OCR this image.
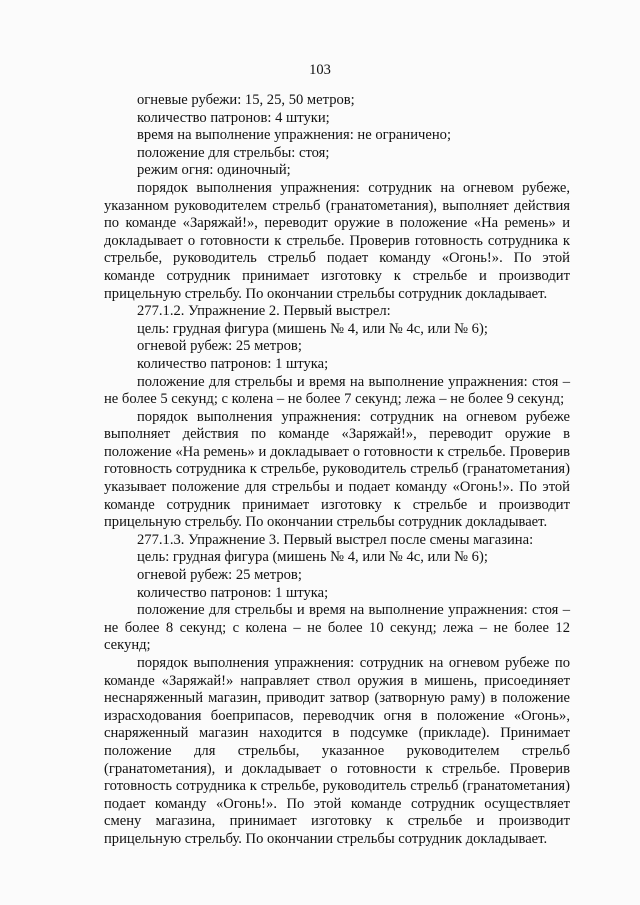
103

огневые рубежи: 15, 25, 50 метров;

количество патронов: 4 штуки;

время на выполнение упражнения: не ограничено;

положение для стрельбы: стоя;

режим огня: одиночный;

порядок выполнения упражнения: сотрудник на огневом рубеже, указанном руководителем стрельб (гранатометания), выполняет действия по команде «Заряжай!», переводит оружие в положение «На ремень» и докладывает о готовности к стрельбе. Проверив готовность сотрудника к стрельбе, руководитель стрельб подает команду «Огонь!». По этой команде сотрудник принимает изготовку к стрельбе и производит прицельную стрельбу. По окончании стрельбы сотрудник докладывает.

277.1.2. Упражнение 2. Первый выстрел:

цель: грудная фигура (мишень № 4, или № 4с, или № 6);

огневой рубеж: 25 метров;

количество патронов: 1 штука;

положение для стрельбы и время на выполнение упражнения: стоя – не более 5 секунд; с колена – не более 7 секунд; лежа – не более 9 секунд;

порядок выполнения упражнения: сотрудник на огневом рубеже выполняет действия по команде «Заряжай!», переводит оружие в положение «На ремень» и докладывает о готовности к стрельбе. Проверив готовность сотрудника к стрельбе, руководитель стрельб (гранатометания) указывает положение для стрельбы и подает команду «Огонь!». По этой команде сотрудник принимает изготовку к стрельбе и производит прицельную стрельбу. По окончании стрельбы сотрудник докладывает.

277.1.3. Упражнение 3. Первый выстрел после смены магазина:

цель: грудная фигура (мишень № 4, или № 4с, или № 6);

огневой рубеж: 25 метров;

количество патронов: 1 штука;

положение для стрельбы и время на выполнение упражнения: стоя – не более 8 секунд; с колена – не более 10 секунд; лежа – не более 12 секунд;

порядок выполнения упражнения: сотрудник на огневом рубеже по команде «Заряжай!» направляет ствол оружия в мишень, присоединяет неснаряженный магазин, приводит затвор (затворную раму) в положение израсходования боеприпасов, переводчик огня в положение «Огонь», снаряженный магазин находится в подсумке (прикладе). Принимает положение для стрельбы, указанное руководителем стрельб (гранатометания), и докладывает о готовности к стрельбе. Проверив готовность сотрудника к стрельбе, руководитель стрельб (гранатометания) подает команду «Огонь!». По этой команде сотрудник осуществляет смену магазина, принимает изготовку к стрельбе и производит прицельную стрельбу. По окончании стрельбы сотрудник докладывает.
